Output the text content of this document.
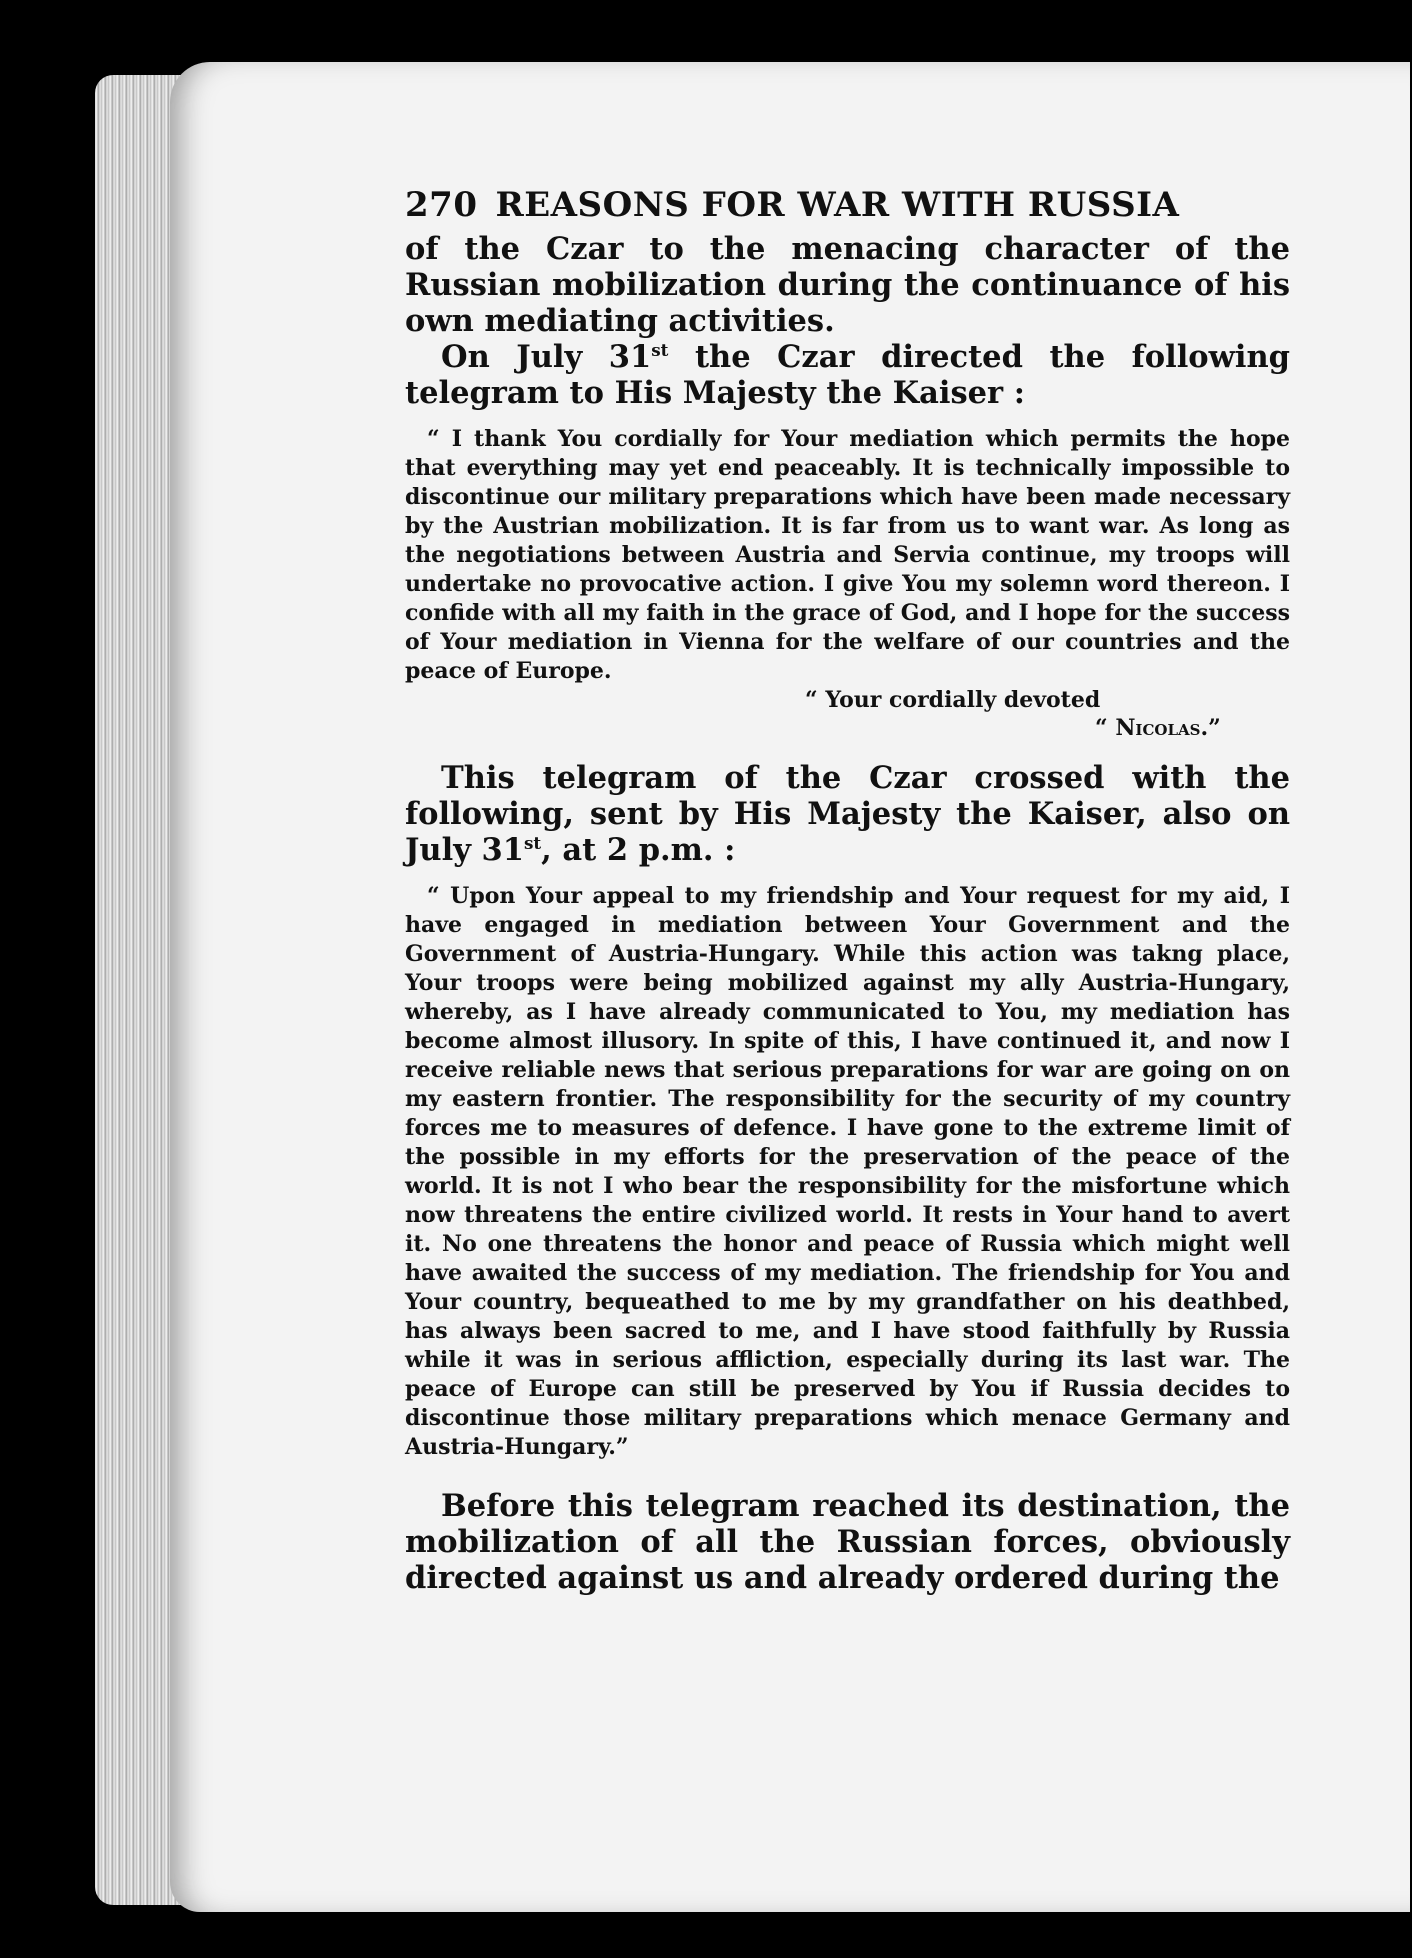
270 REASONS FOR WAR WITH RUSSIA

of the Czar to the menacing character of the Russian mobilization during the continuance of his own mediating activities.

On July 31st the Czar directed the following telegram to His Majesty the Kaiser :

“ I thank You cordially for Your mediation which permits the hope that everything may yet end peaceably. It is technically impossible to discontinue our military preparations which have been made necessary by the Austrian mobilization. It is far from us to want war. As long as the negotiations between Austria and Servia continue, my troops will undertake no provocative action. I give You my solemn word thereon. I confide with all my faith in the grace of God, and I hope for the success of Your mediation in Vienna for the welfare of our countries and the peace of Europe.

“ Your cordially devoted
“ Nicolas.”

This telegram of the Czar crossed with the following, sent by His Majesty the Kaiser, also on July 31st, at 2 p.m. :

“ Upon Your appeal to my friendship and Your request for my aid, I have engaged in mediation between Your Government and the Government of Austria-Hungary. While this action was takng place, Your troops were being mobilized against my ally Austria-Hungary, whereby, as I have already communicated to You, my mediation has become almost illusory. In spite of this, I have continued it, and now I receive reliable news that serious preparations for war are going on on my eastern frontier. The responsibility for the security of my country forces me to measures of defence. I have gone to the extreme limit of the possible in my efforts for the preservation of the peace of the world. It is not I who bear the responsibility for the misfortune which now threatens the entire civilized world. It rests in Your hand to avert it. No one threatens the honor and peace of Russia which might well have awaited the success of my mediation. The friendship for You and Your country, bequeathed to me by my grandfather on his deathbed, has always been sacred to me, and I have stood faithfully by Russia while it was in serious affliction, especially during its last war. The peace of Europe can still be preserved by You if Russia decides to discontinue those military preparations which menace Germany and Austria-Hungary.”

Before this telegram reached its destination, the mobilization of all the Russian forces, obviously directed against us and already ordered during the
